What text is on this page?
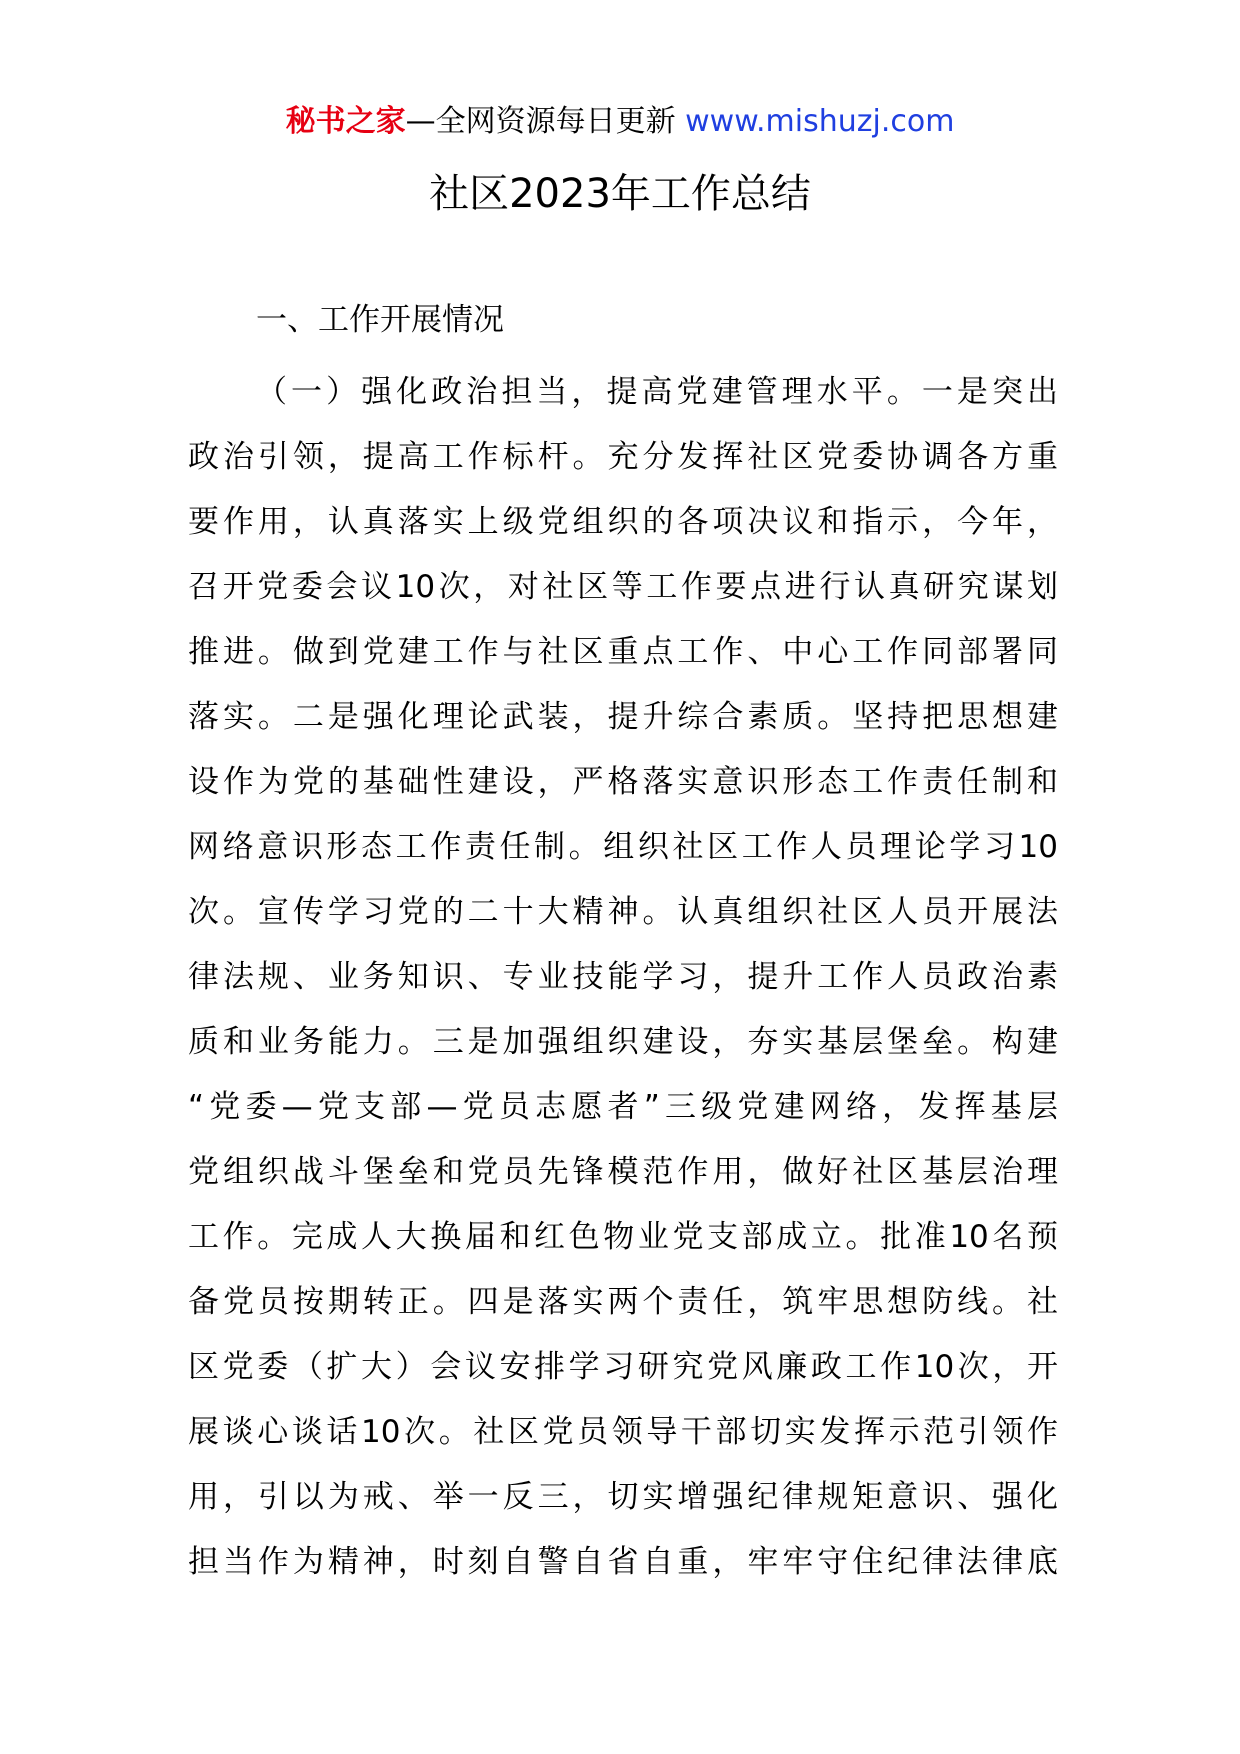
秘书之家—全网资源每日更新 www.mishuzj.com
社区2023年工作总结
一、工作开展情况
（一）强化政治担当，提高党建管理水平。一是突出
政治引领，提高工作标杆。充分发挥社区党委协调各方重
要作用，认真落实上级党组织的各项决议和指示，今年，
召开党委会议10次，对社区等工作要点进行认真研究谋划
推进。做到党建工作与社区重点工作、中心工作同部署同
落实。二是强化理论武装，提升综合素质。坚持把思想建
设作为党的基础性建设，严格落实意识形态工作责任制和
网络意识形态工作责任制。组织社区工作人员理论学习10
次。宣传学习党的二十大精神。认真组织社区人员开展法
律法规、业务知识、专业技能学习，提升工作人员政治素
质和业务能力。三是加强组织建设，夯实基层堡垒。构建
“党委—党支部—党员志愿者”三级党建网络，发挥基层
党组织战斗堡垒和党员先锋模范作用，做好社区基层治理
工作。完成人大换届和红色物业党支部成立。批准10名预
备党员按期转正。四是落实两个责任，筑牢思想防线。社
区党委（扩大）会议安排学习研究党风廉政工作10次，开
展谈心谈话10次。社区党员领导干部切实发挥示范引领作
用，引以为戒、举一反三，切实增强纪律规矩意识、强化
担当作为精神，时刻自警自省自重，牢牢守住纪律法律底
